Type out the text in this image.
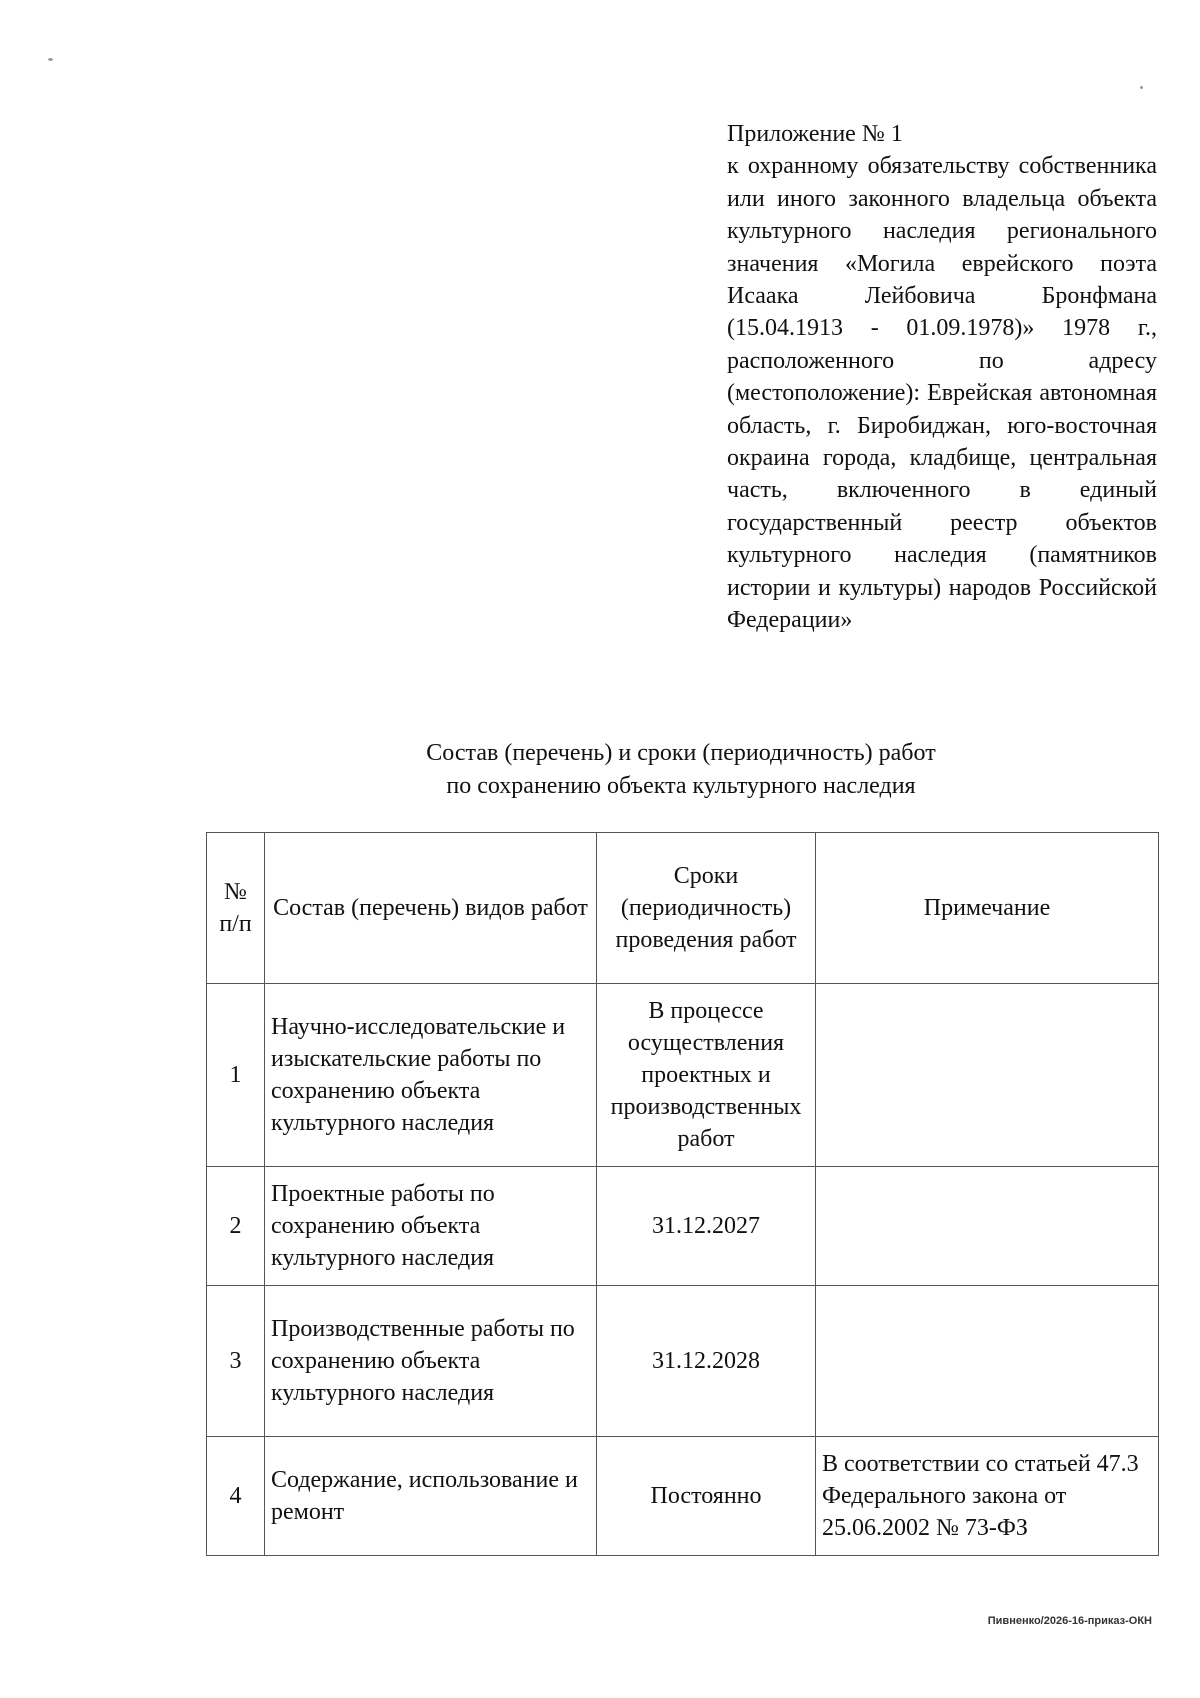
Приложение № 1

к охранному обязательству собственника или иного законного владельца объекта культурного наследия регионального значения «Могила еврейского поэта Исаака Лейбовича Бронфмана (15.04.1913 - 01.09.1978)» 1978 г., расположенного по адресу (местоположение): Еврейская автономная область, г. Биробиджан, юго-восточная окраина города, кладбище, центральная часть, включенного в единый государственный реестр объектов культурного наследия (памятников истории и культуры) народов Российской Федерации»

Состав (перечень) и сроки (периодичность) работ
по сохранению объекта культурного наследия
№ п/п	Состав (перечень) видов работ	Сроки (периодичность) проведения работ	Примечание
1	Научно-исследовательские и изыскательские работы по сохранению объекта культурного наследия	В процессе осуществления проектных и производственных работ	
2	Проектные работы по сохранению объекта культурного наследия	31.12.2027	
3	Производственные работы по сохранению объекта культурного наследия	31.12.2028	
4	Содержание, использование и ремонт	Постоянно	В соответствии со статьей 47.3 Федерального закона от 25.06.2002 № 73-ФЗ
Пивненко/2026-16-приказ-ОКН
